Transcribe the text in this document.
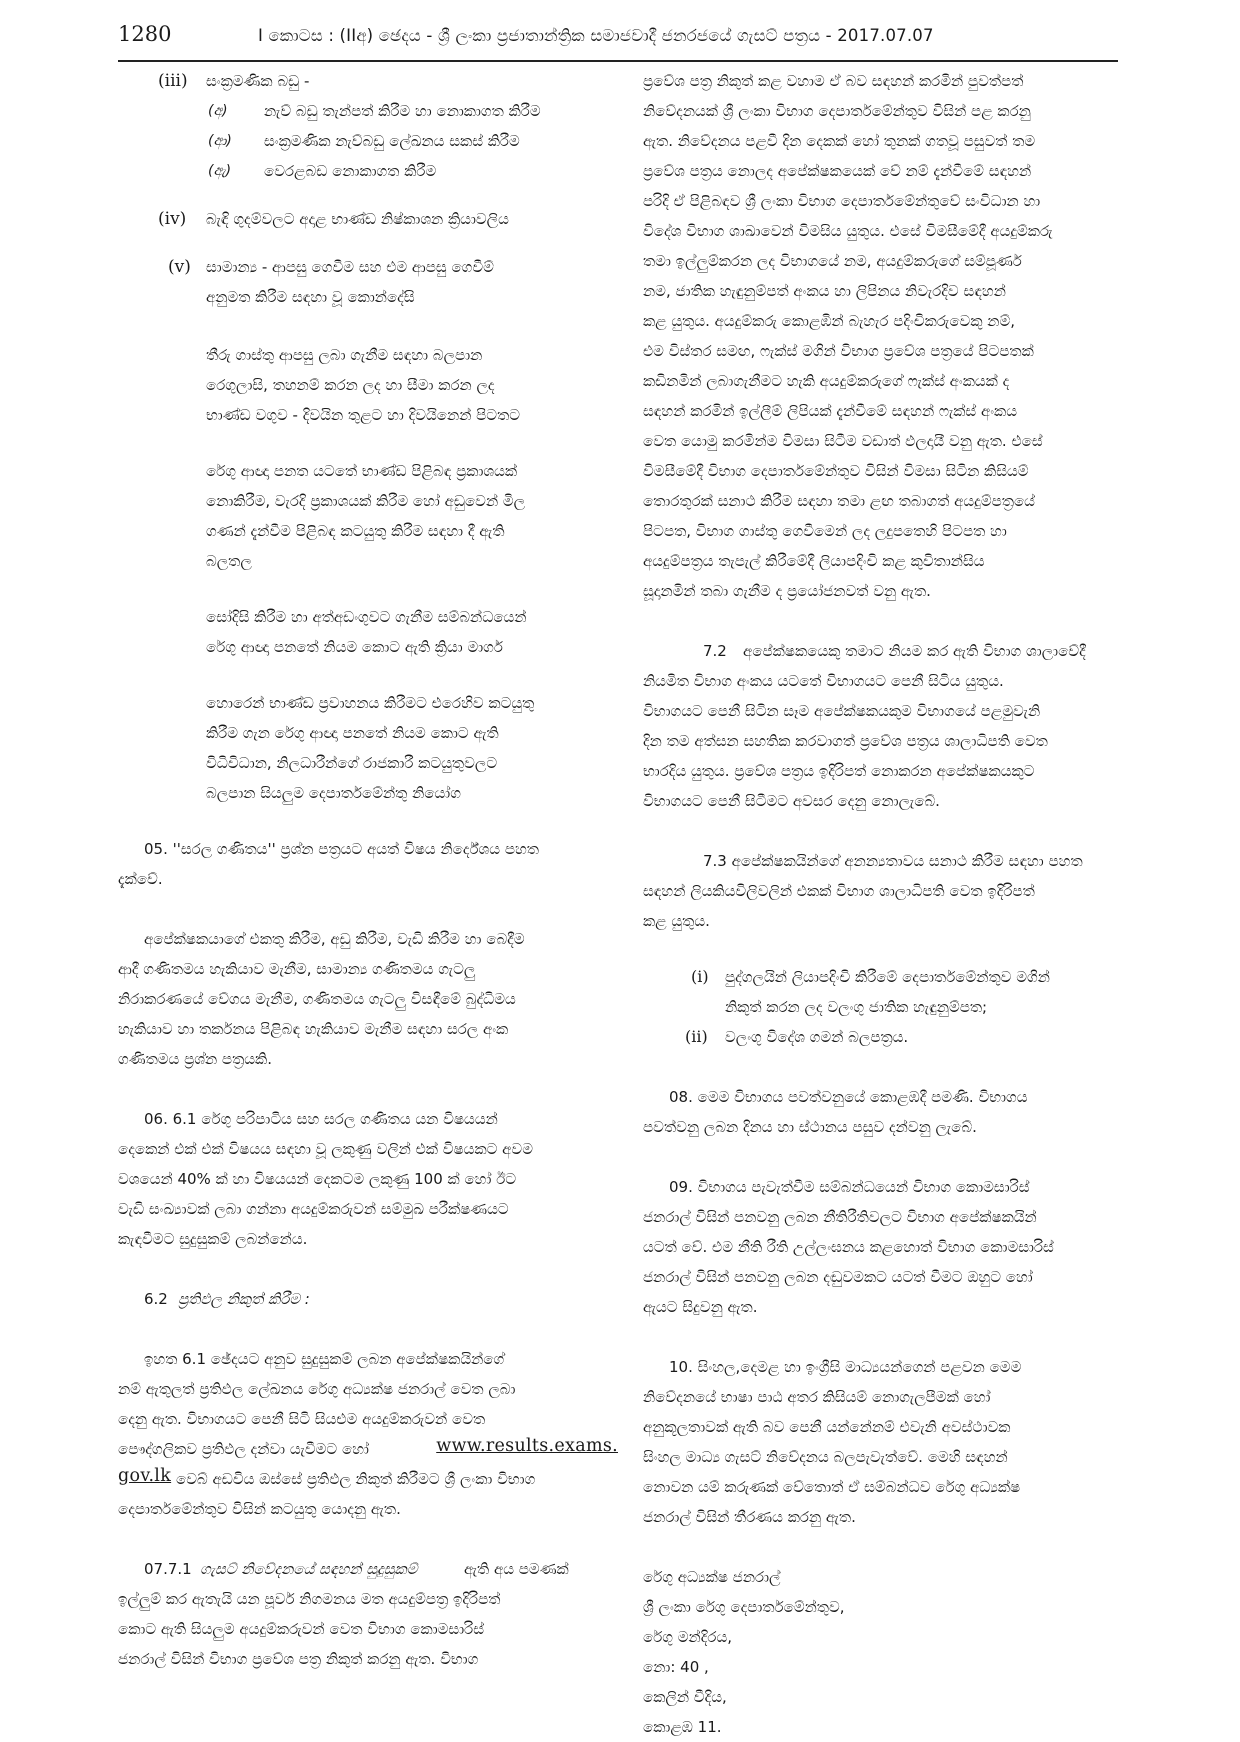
1280	I කොටස : (IIඅ) ඡෙදය - ශ්‍රී ලංකා ප්‍රජාතාන්ත්‍රික සමාජවාදී ජනරජයේ ගැසට් පත්‍රය - 2017.07.07
(iii) සංක්‍රමණික බඩු -
(අ) නැව් බඩු තැන්පත් කිරීම හා නොකාගත කිරීම
(ආ) සංක්‍රමණික නැව්බඩු ලේඛනය සකස් කිරීම
(ඇ) වෙරළබඩ නොකාගත කිරීම
(iv) බැඳි ගුදම්වලට අදාළ භාණ්ඩ නිෂ්කාශන ක්‍රියාවලිය
(v) සාමාන්‍ය - ආපසු ගෙවීම සහ එම ආපසු ගෙවීම්
අනුමත කිරීම සඳහා වූ කොන්දේසි
තීරු ගාස්තු ආපසු ලබා ගැනීම සඳහා බලපාන
රෙගුලාසි, තහනම් කරන ලද හා සීමා කරන ලද
භාණ්ඩ වගුව - දිවයින තුළට හා දිවයිනෙන් පිටතට
රේගු ආඥා පනත යටතේ භාණ්ඩ පිළිබඳ ප්‍රකාශයක්
නොකිරීම, වැරදි ප්‍රකාශයක් කිරීම හෝ අඩුවෙන් මිල
ගණන් දැන්වීම පිළිබඳ කටයුතු කිරීම සඳහා දී ඇති
බලතල
සෝදිසි කිරීම හා අත්අඩංගුවට ගැනීම සම්බන්ධයෙන්
රේගු ආඥා පනතේ නියම කොට ඇති ක්‍රියා මාර්ග
හොරෙන් භාණ්ඩ ප්‍රවාහනය කිරීමට එරෙහිව කටයුතු
කිරීම ගැන රේගු ආඥා පනතේ නියම කොට ඇති
විධිවිධාන, නිලධාරීන්ගේ රාජකාරී කටයුතුවලට
බලපාන සියලුම දෙපාර්තමේන්තු නියෝග
05. ''සරල ගණිතය'' ප්‍රශ්න පත්‍රයට අයත් විෂය නිර්දේශය පහත
දැක්වේ.
අපේක්ෂකයාගේ එකතු කිරීම, අඩු කිරීම, වැඩි කිරීම හා බෙදීම
ආදී ගණිතමය හැකියාව මැනීම, සාමාන්‍ය ගණිතමය ගැටලු
නිරාකරණයේ වේගය මැනීම, ගණිතමය ගැටලු විසඳීමේ බුද්ධිමය
හැකියාව හා තර්කනය පිළිබඳ හැකියාව මැනීම සඳහා සරල අංක
ගණිතමය ප්‍රශ්න පත්‍රයකි.
06. 6.1 රේගු පරිපාටිය සහ සරල ගණිතය යන විෂයයන්
දෙකෙන් එක් එක් විෂයය සඳහා වූ ලකුණු වලින් එක් විෂයකට අවම
වශයෙන් 40% ක් හා විෂයයන් දෙකටම ලකුණු 100 ක් හෝ ඊට
වැඩි සංඛ්‍යාවක් ලබා ගන්නා අයදුම්කරුවන් සම්මුඛ පරීක්ෂණයට
කැඳවීමට සුදුසුකම් ලබන්නේය.
6.2 ප්‍රතිඵල නිකුත් කිරීම :
ඉහත 6.1 ඡේදයට අනුව සුදුසුකම් ලබන අපේක්ෂකයින්ගේ
නම් ඇතුලත් ප්‍රතිඵල ලේඛනය රේගු අධ්‍යක්ෂ ජනරාල් වෙත ලබා
දෙනු ඇත. විභාගයට පෙනී සිටි සියළුම අයදුම්කරුවන් වෙත
පෞද්ගලිකව ප්‍රතිඵල දන්වා යැවීමට හෝ	www.results.exams.
gov.lk වෙබ් අඩවිය ඔස්සේ ප්‍රතිඵල නිකුත් කිරීමට ශ්‍රී ලංකා විභාග
දෙපාර්තමේන්තුව විසින් කටයුතු යොදනු ඇත.
07.7.1 ගැසට් නිවේදනයේ සඳහන් සුදුසුකම්	ඇති අය පමණක්
ඉල්ලුම් කර ඇතැයි යන පූර්ව නිගමනය මත අයදුම්පත්‍ර ඉදිරිපත්
කොට ඇති සියලුම අයදුම්කරුවන් වෙත විභාග කොමසාරිස්
ජනරාල් විසින් විභාග ප්‍රවේශ පත්‍ර නිකුත් කරනු ඇත. විභාග
ප්‍රවේශ පත්‍ර නිකුත් කළ වහාම ඒ බව සඳහන් කරමින් පුවත්පත්
නිවේදනයක් ශ්‍රී ලංකා විභාග දෙපාර්තමේන්තුව විසින් පළ කරනු
ඇත. නිවේදනය පළවී දින දෙකක් හෝ තුනක් ගතවූ පසුවත් තම
ප්‍රවේශ පත්‍රය නොලද අපේක්ෂකයෙක් වේ නම් දැන්වීමේ සඳහන්
පරිදි ඒ පිළිබඳව ශ්‍රී ලංකා විභාග දෙපාර්තමේන්තුවේ සංවිධාන හා
විදේශ විභාග ශාඛාවෙන් විමසිය යුතුය. එසේ විමසීමේදී අයදුම්කරු
තමා ඉල්ලුම්කරන ලද විභාගයේ නම, අයදුම්කරුගේ සම්පූර්ණ
නම, ජාතික හැඳුනුම්පත් අංකය හා ලිපිනය නිවැරදිව සඳහන්
කළ යුතුය. අයදුම්කරු කොළඹින් බැහැර පදිංචිකරුවෙකු නම්,
එම විස්තර සමඟ, ෆැක්ස් මගින් විභාග ප්‍රවේශ පත්‍රයේ පිටපතක්
කඩිනමින් ලබාගැනීමට හැකි අයදුම්කරුගේ ෆැක්ස් අංකයක් ද
සඳහන් කරමින් ඉල්ලීම් ලිපියක් දැන්වීමේ සඳහන් ෆැක්ස් අංකය
වෙත යොමු කරමින්ම විමසා සිටීම වඩාත් ඵලදායී වනු ඇත. එසේ
විමසීමේදී විභාග දෙපාර්තමේන්තුව විසින් විමසා සිටින කිසියම්
තොරතුරක් සනාථ කිරීම සඳහා තමා ළඟ තබාගත් අයදුම්පත්‍රයේ
පිටපත, විභාග ගාස්තු ගෙවීමෙන් ලද ලදුපතෙහි පිටපත හා
අයදුම්පත්‍රය තැපැල් කිරීමේදී ලියාපදිංචි කළ කුවිතාන්සිය
සූදානමින් තබා ගැනීම ද ප්‍රයෝජනවත් වනු ඇත.
7.2 අපේක්ෂකයෙකු තමාට නියම කර ඇති විභාග ශාලාවේදී
නියමිත විභාග අංකය යටතේ විභාගයට පෙනී සිටිය යුතුය.
විභාගයට පෙනී සිටින සෑම අපේක්ෂකයකුම විභාගයේ පළමුවැනි
දින තම අත්සන සහතික කරවාගත් ප්‍රවේශ පත්‍රය ශාලාධිපති වෙත
භාරදිය යුතුය. ප්‍රවේශ පත්‍රය ඉදිරිපත් නොකරන අපේක්ෂකයකුට
විභාගයට පෙනී සිටීමට අවසර දෙනු නොලැබේ.
7.3 අපේක්ෂකයින්ගේ අනන්‍යතාවය සනාථ කිරීම සඳහා පහත
සඳහන් ලියකියවිලිවලින් එකක් විභාග ශාලාධිපති වෙත ඉදිරිපත්
කළ යුතුය.
(i) පුද්ගලයින් ලියාපදිංචි කිරීමේ දෙපාර්තමේන්තුව මගින්
නිකුත් කරන ලද වලංගු ජාතික හැඳුනුම්පත;
(ii) වලංගු විදේශ ගමන් බලපත්‍රය.
08. මෙම විභාගය පවත්වනුයේ කොළඹදී පමණි. විභාගය
පවත්වනු ලබන දිනය හා ස්ථානය පසුව දන්වනු ලැබේ.
09. විභාගය පැවැත්වීම සම්බන්ධයෙන් විභාග කොමසාරිස්
ජනරාල් විසින් පනවනු ලබන නීතිරීතිවලට විභාග අපේක්ෂකයින්
යටත් වේ. එම නීති රීති උල්ලංඝනය කළහොත් විභාග කොමසාරිස්
ජනරාල් විසින් පනවනු ලබන දඬුවමකට යටත් වීමට ඔහුට හෝ
ඇයට සිදුවනු ඇත.
10. සිංහල,දෙමළ හා ඉංග්‍රීසි මාධ්‍යයන්ගෙන් පළවන මෙම
නිවේදනයේ භාෂා පාඨ අතර කිසියම් නොගැලපීමක් හෝ
අනුකූලතාවක් ඇති බව පෙනී යන්නේනම් එවැනි අවස්ථාවක
සිංහල මාධ්‍ය ගැසට් නිවේදනය බලපැවැත්වේ. මෙහි සඳහන්
නොවන යම් කරුණක් වේතොත් ඒ සම්බන්ධව රේගු අධ්‍යක්ෂ
ජනරාල් විසින් තීරණය කරනු ඇත.
රේගු අධ්‍යක්ෂ ජනරාල්
ශ්‍රී ලංකා රේගු දෙපාර්තමේන්තුව,
රේගු මන්දිරය,
නො: 40 ,
කෙලින් වීදිය,
කොළඹ 11.
